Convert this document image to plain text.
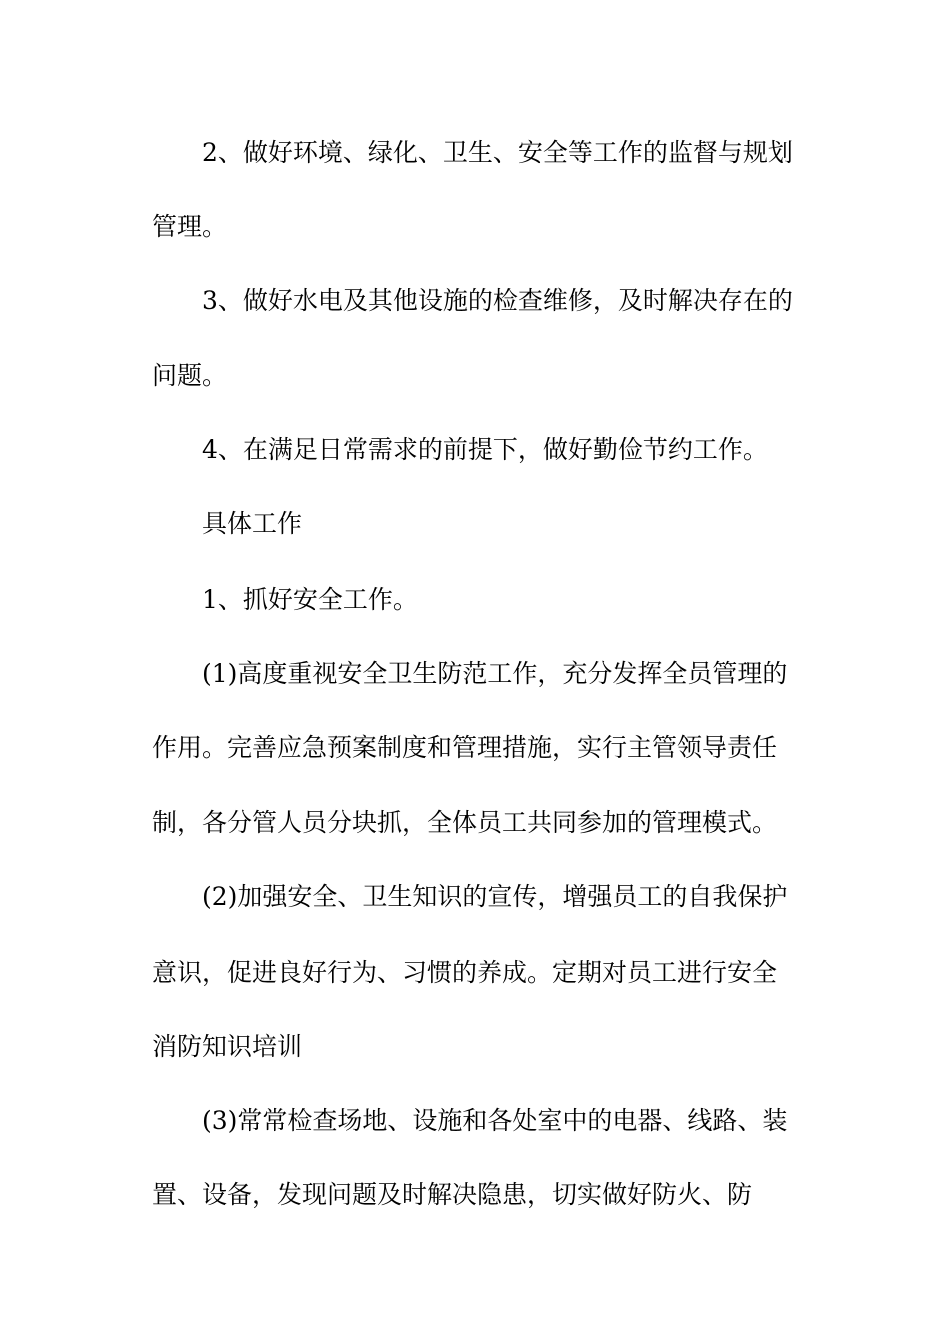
2、做好环境、绿化、卫生、安全等工作的监督与规划
管理。
3、做好水电及其他设施的检查维修，及时解决存在的
问题。
4、在满足日常需求的前提下，做好勤俭节约工作。
具体工作
1、抓好安全工作。
(1)高度重视安全卫生防范工作，充分发挥全员管理的
作用。完善应急预案制度和管理措施，实行主管领导责任
制，各分管人员分块抓，全体员工共同参加的管理模式。
(2)加强安全、卫生知识的宣传，增强员工的自我保护
意识，促进良好行为、习惯的养成。定期对员工进行安全
消防知识培训
(3)常常检查场地、设施和各处室中的电器、线路、装
置、设备，发现问题及时解决隐患，切实做好防火、防
